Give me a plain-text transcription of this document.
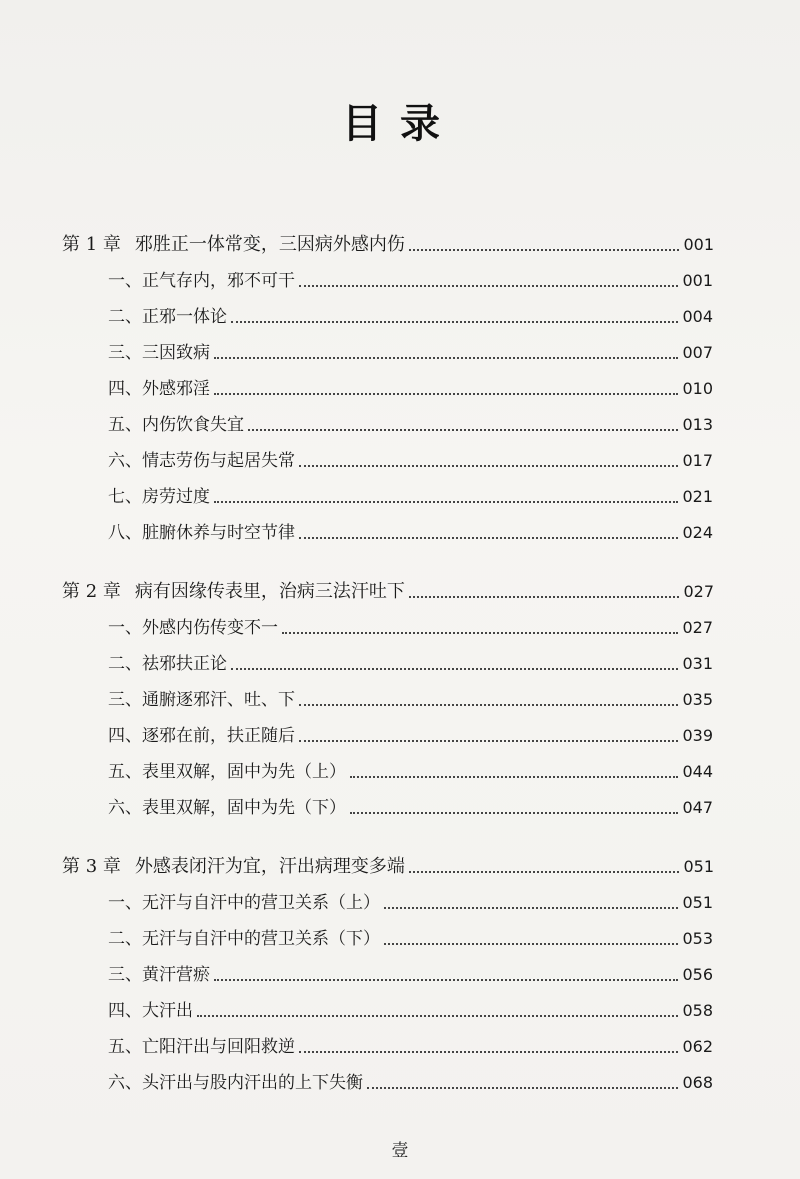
目录
第 1 章 邪胜正一体常变，三因病外感内伤	001
一、正气存内，邪不可干	001
二、正邪一体论	004
三、三因致病	007
四、外感邪淫	010
五、内伤饮食失宜	013
六、情志劳伤与起居失常	017
七、房劳过度	021
八、脏腑休养与时空节律	024
第 2 章 病有因缘传表里，治病三法汗吐下	027
一、外感内伤传变不一	027
二、祛邪扶正论	031
三、通腑逐邪汗、吐、下	035
四、逐邪在前，扶正随后	039
五、表里双解，固中为先（上）	044
六、表里双解，固中为先（下）	047
第 3 章 外感表闭汗为宜，汗出病理变多端	051
一、无汗与自汗中的营卫关系（上）	051
二、无汗与自汗中的营卫关系（下）	053
三、黄汗营瘀	056
四、大汗出	058
五、亡阳汗出与回阳救逆	062
六、头汗出与股内汗出的上下失衡	068
壹
